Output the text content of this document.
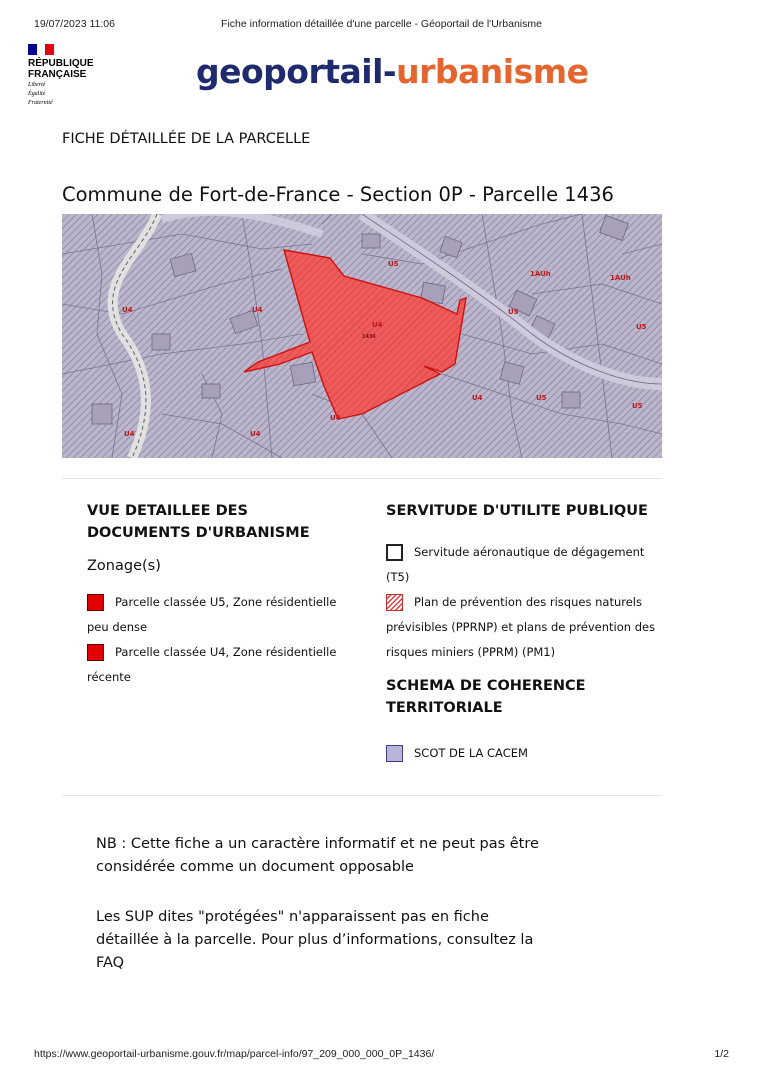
19/07/2023 11:06	Fiche information détaillée d'une parcelle - Géoportail de l'Urbanisme
RÉPUBLIQUE
FRANÇAISE
Liberté
Égalité
Fraternité
geoportail-urbanisme
FICHE DÉTAILLÉE DE LA PARCELLE
Commune de Fort-de-France - Section 0P - Parcelle 1436
U4	U4
U4
U4
U4
U4	U4
U5
U5
U5
U5
1AUh	1AUh
1436
U5
VUE DETAILLEE DES DOCUMENTS D'URBANISME
Zonage(s)
Parcelle classée U5, Zone résidentielle peu dense
Parcelle classée U4, Zone résidentielle récente
SERVITUDE D'UTILITE PUBLIQUE
Servitude aéronautique de dégagement (T5)
Plan de prévention des risques naturels prévisibles (PPRNP) et plans de prévention des risques miniers (PPRM) (PM1)
SCHEMA DE COHERENCE TERRITORIALE
SCOT DE LA CACEM
NB : Cette fiche a un caractère informatif et ne peut pas être considérée comme un document opposable
Les SUP dites "protégées" n'apparaissent pas en fiche détaillée à la parcelle. Pour plus d’informations, consultez la FAQ
https://www.geoportail-urbanisme.gouv.fr/map/parcel-info/97_209_000_000_0P_1436/	1/2
